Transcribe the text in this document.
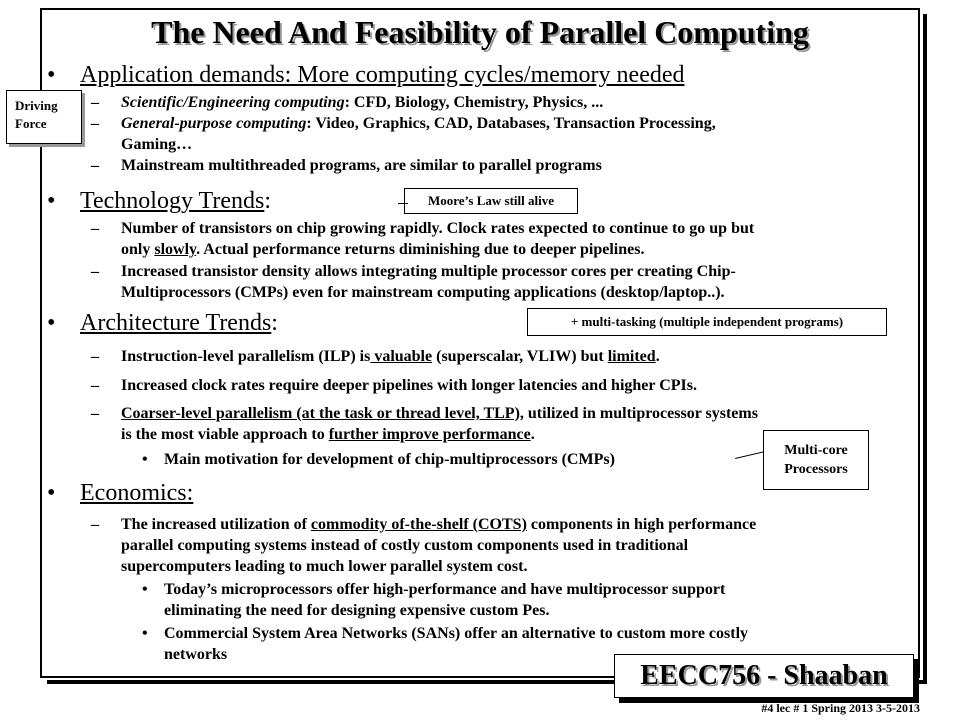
The Need And Feasibility of Parallel Computing
Driving
Force
• Application demands: More computing cycles/memory needed
– Scientific/Engineering computing: CFD, Biology, Chemistry, Physics, ...
– General-purpose computing: Video, Graphics, CAD, Databases, Transaction Processing,
Gaming…
– Mainstream multithreaded programs, are similar to parallel programs
• Technology Trends:	Moore’s Law still alive
– Number of transistors on chip growing rapidly. Clock rates expected to continue to go up but
only slowly. Actual performance returns diminishing due to deeper pipelines.
– Increased transistor density allows integrating multiple processor cores per creating Chip-
Multiprocessors (CMPs) even for mainstream computing applications (desktop/laptop..).
• Architecture Trends:	+ multi-tasking (multiple independent programs)
– Instruction-level parallelism (ILP) is valuable (superscalar, VLIW) but limited.
– Increased clock rates require deeper pipelines with longer latencies and higher CPIs.
– Coarser-level parallelism (at the task or thread level, TLP), utilized in multiprocessor systems
is the most viable approach to further improve performance.
• Main motivation for development of chip-multiprocessors (CMPs)
Multi-core
Processors
• Economics:
– The increased utilization of commodity of-the-shelf (COTS) components in high performance
parallel computing systems instead of costly custom components used in traditional
supercomputers leading to much lower parallel system cost.
• Today’s microprocessors offer high-performance and have multiprocessor support
eliminating the need for designing expensive custom Pes.
• Commercial System Area Networks (SANs) offer an alternative to custom more costly
networks
EECC756 - Shaaban
#4 lec # 1 Spring 2013 3-5-2013
